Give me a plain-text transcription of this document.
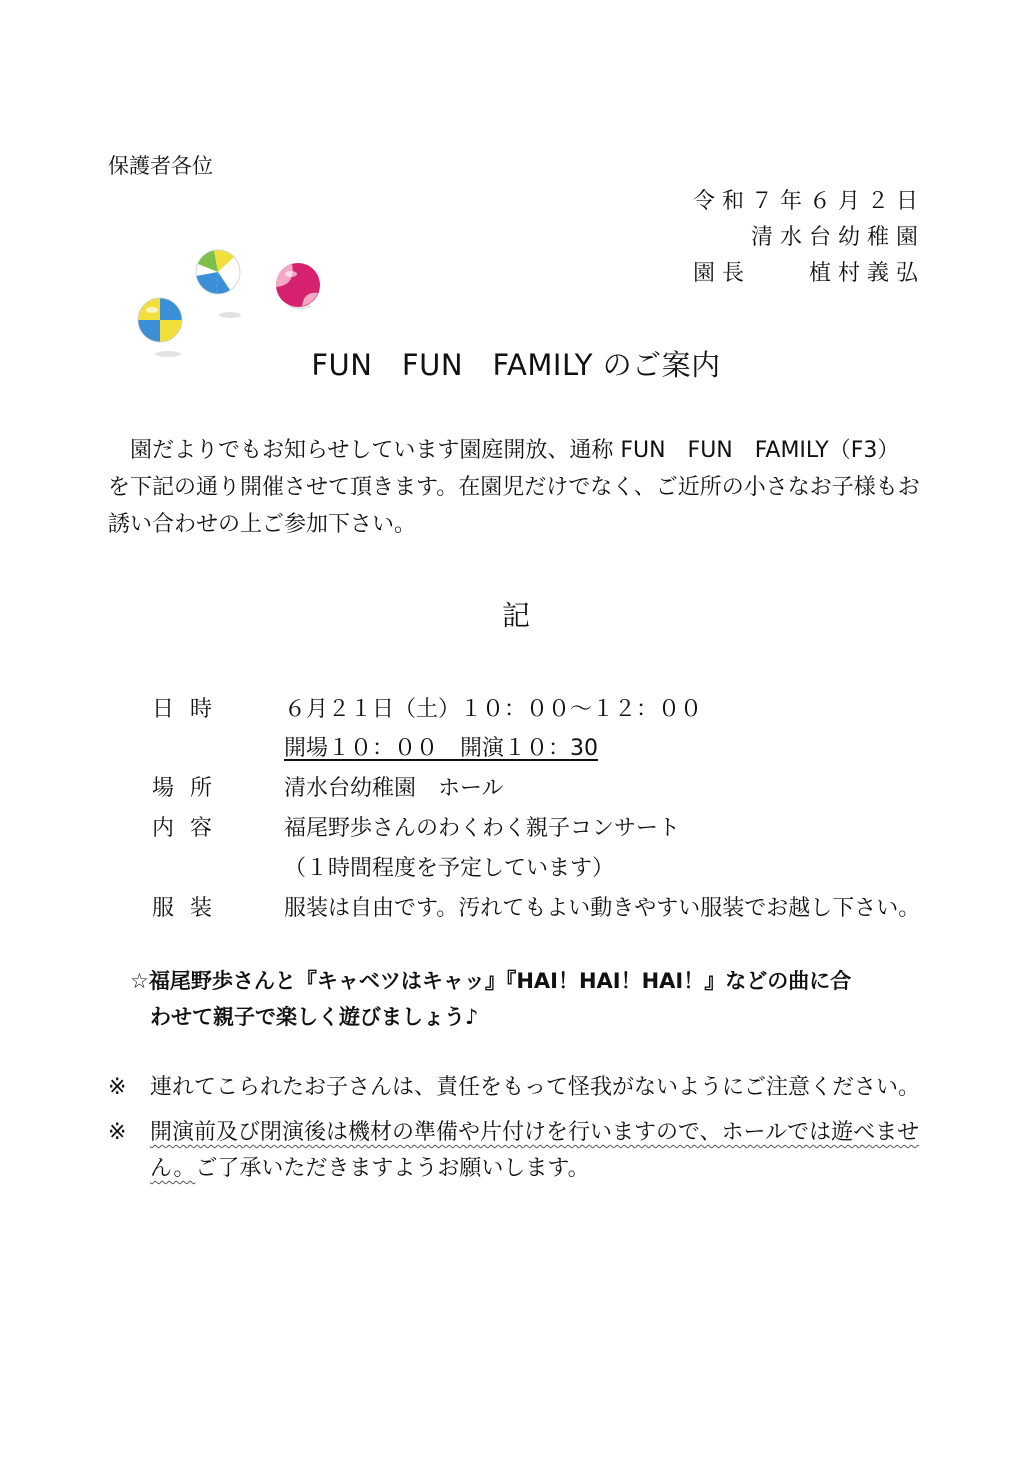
保護者各位
令和７年６月２日
清水台幼稚園
園長　　植村義弘
FUN　FUN　FAMILY のご案内

　園だよりでもお知らせしています園庭開放、通称 FUN　FUN　FAMILY（F3）

を下記の通り開催させて頂きます。在園児だけでなく、ご近所の小さなお子様もお

誘い合わせの上ご参加下さい。

記
日時	６月２１日（土）１０：００～１２：００
開場１０：００　開演１０：30
場所	清水台幼稚園　ホール
内容	福尾野歩さんのわくわく親子コンサート
（１時間程度を予定しています）
服装	服装は自由です。汚れてもよい動きやすい服装でお越し下さい。
☆福尾野歩さんと『キャベツはキャッ』『HAI！HAI！HAI！』などの曲に合
わせて親子で楽しく遊びましょう♪
※ 連れてこられたお子さんは、責任をもって怪我がないようにご注意ください。
※ 開演前及び閉演後は機材の準備や片付けを行いますので、ホールでは遊べませ
ん。ご了承いただきますようお願いします。
